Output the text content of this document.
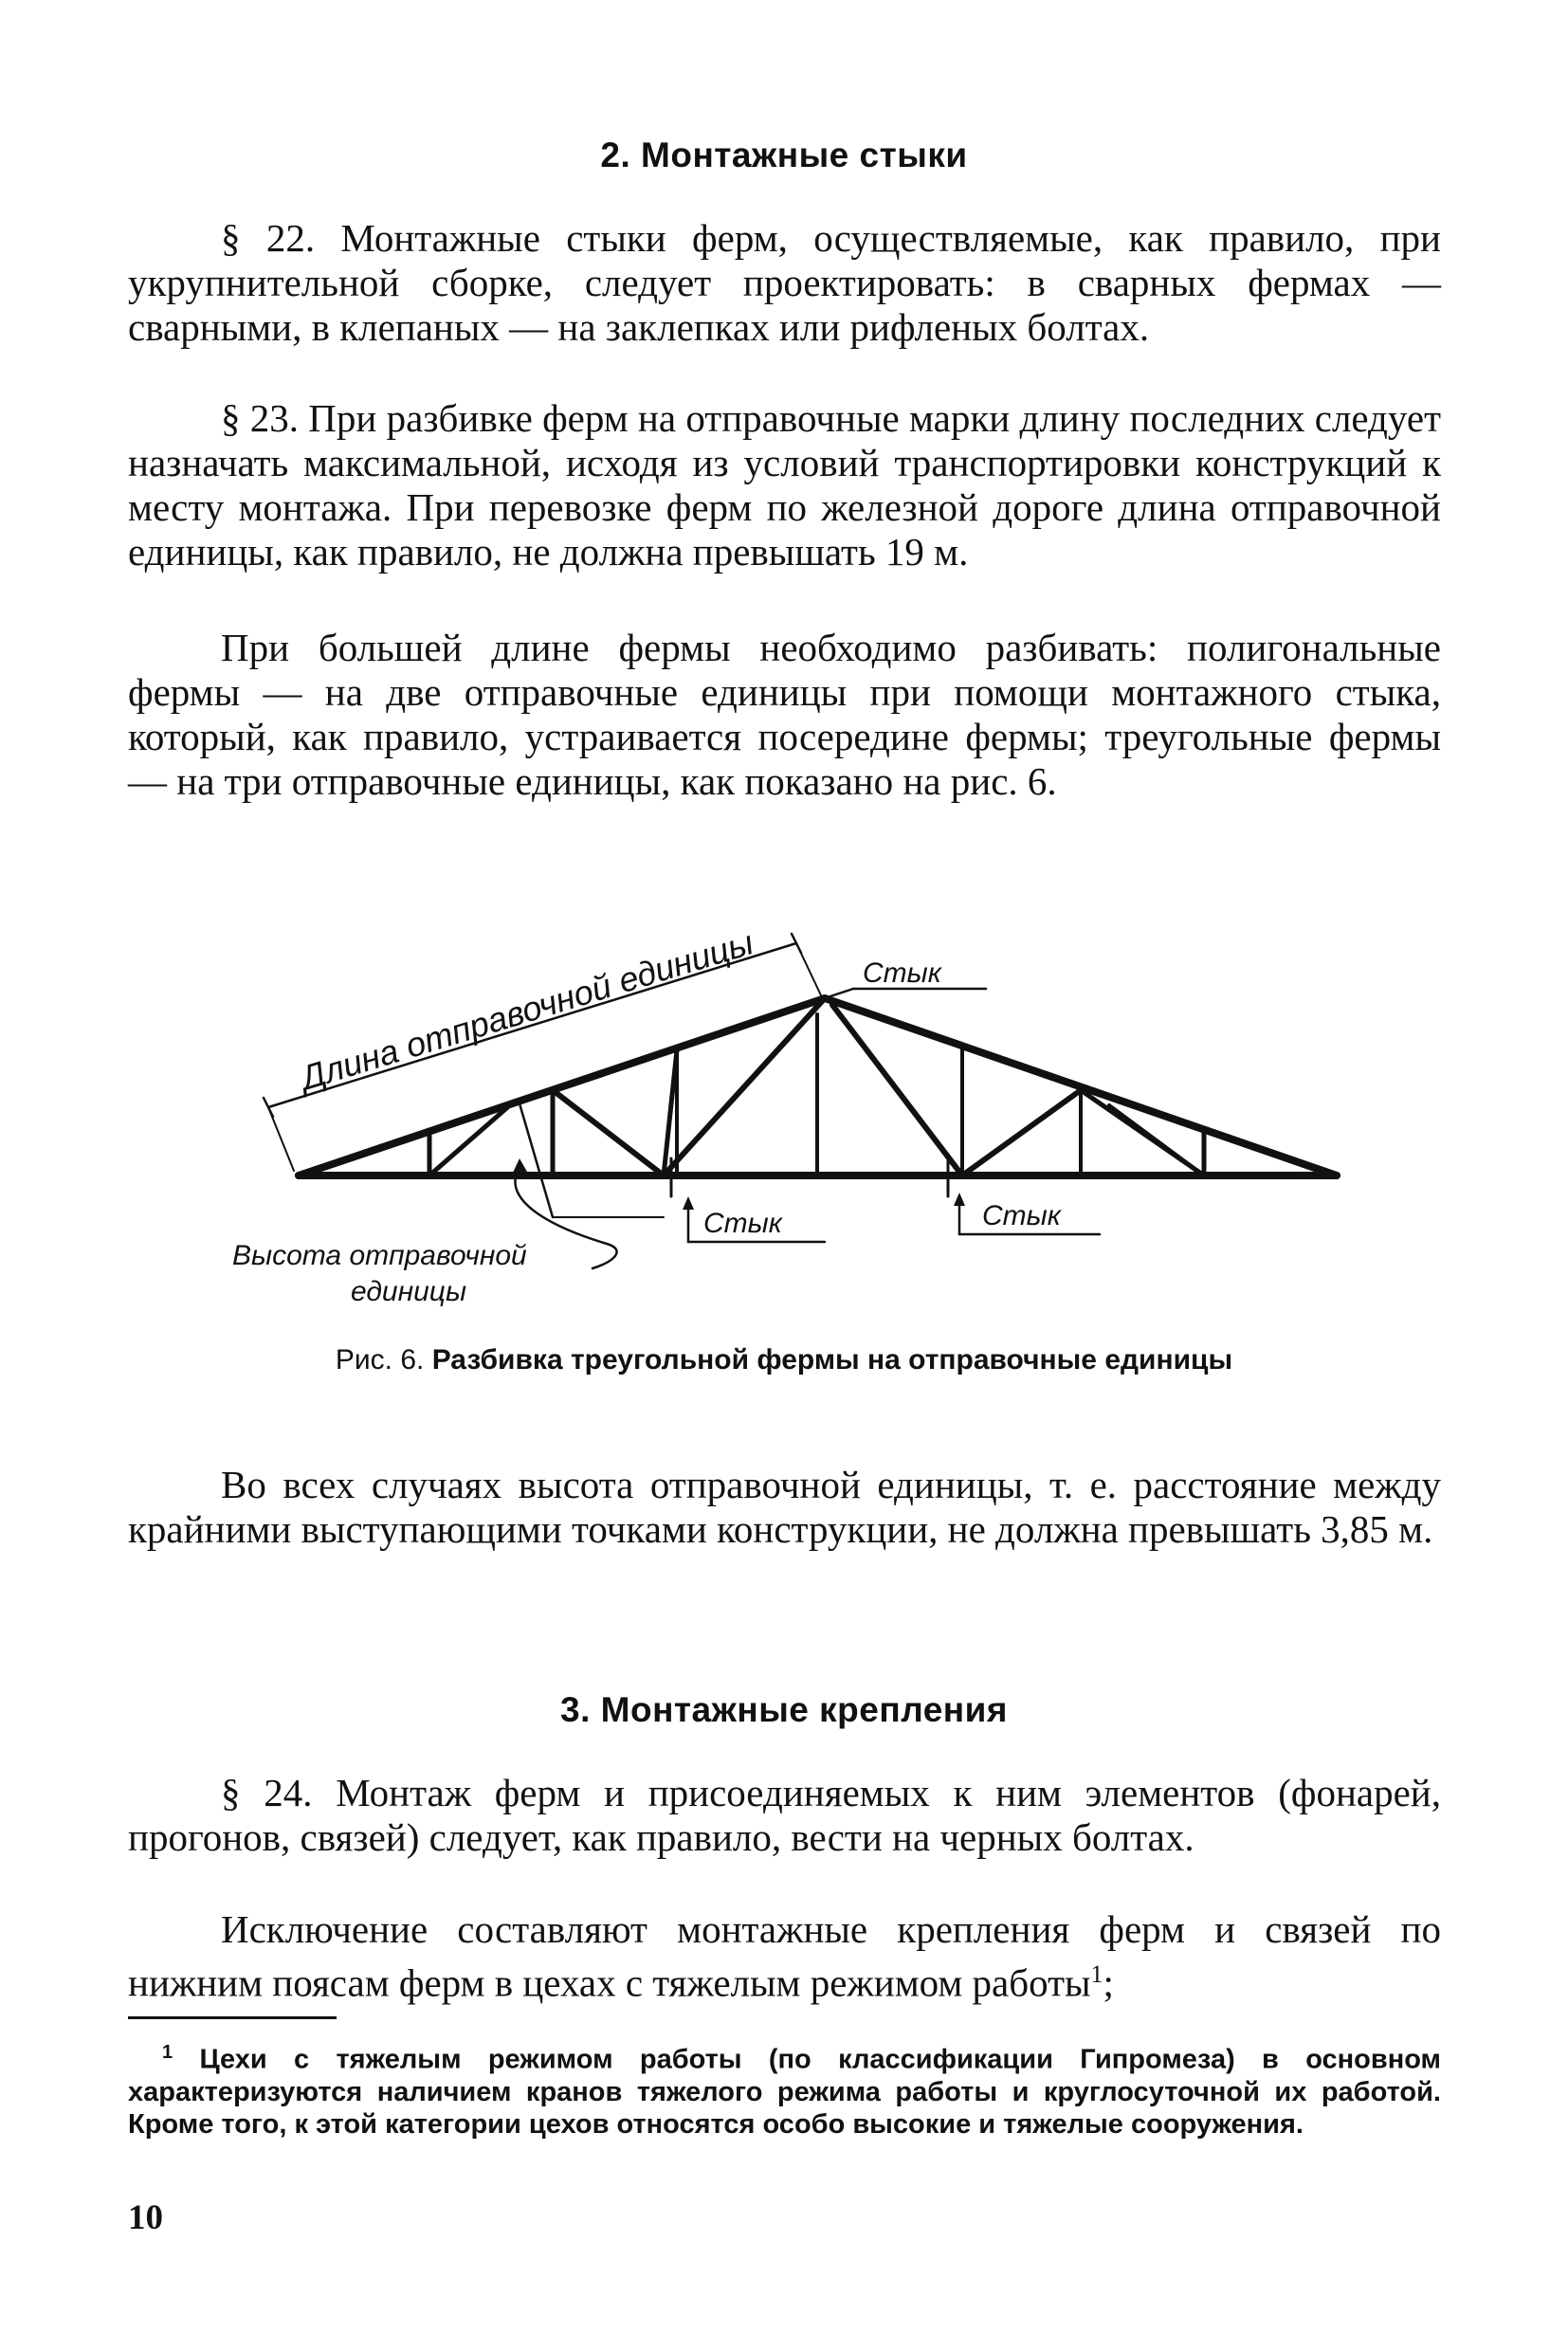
2. Монтажные стыки

§ 22. Монтажные стыки ферм, осуществляемые, как правило, при укрупнительной сборке, следует проектировать: в сварных фермах — сварными, в клепаных — на заклепках или рифленых болтах.

§ 23. При разбивке ферм на отправочные марки длину последних следует назначать максимальной, исходя из условий транспортировки конструкций к месту монтажа. При перевозке ферм по железной дороге длина отправочной единицы, как правило, не должна превышать 19 м.

При большей длине фермы необходимо разбивать: полигональные фермы — на две отправочные единицы при помощи монтажного стыка, который, как правило, устраивается посередине фермы; треугольные фермы — на три отправочные единицы, как показано на рис. 6.

Длина отправочной единицы	Стык
Стык	Стык
Высота отправочной
единицы

Рис. 6. Разбивка треугольной фермы на отправочные единицы

Во всех случаях высота отправочной единицы, т. е. расстояние между крайними выступающими точками конструкции, не должна превышать 3,85 м.

3. Монтажные крепления

§ 24. Монтаж ферм и присоединяемых к ним элементов (фонарей, прогонов, связей) следует, как правило, вести на черных болтах.

Исключение составляют монтажные крепления ферм и связей по нижним поясам ферм в цехах с тяжелым режимом работы$^1$;

$^1$ Цехи с тяжелым режимом работы (по классификации Гипромеза) в основном характеризуются наличием кранов тяжелого режима работы и круглосуточной их работой. Кроме того, к этой категории цехов относятся особо высокие и тяжелые сооружения.

10
